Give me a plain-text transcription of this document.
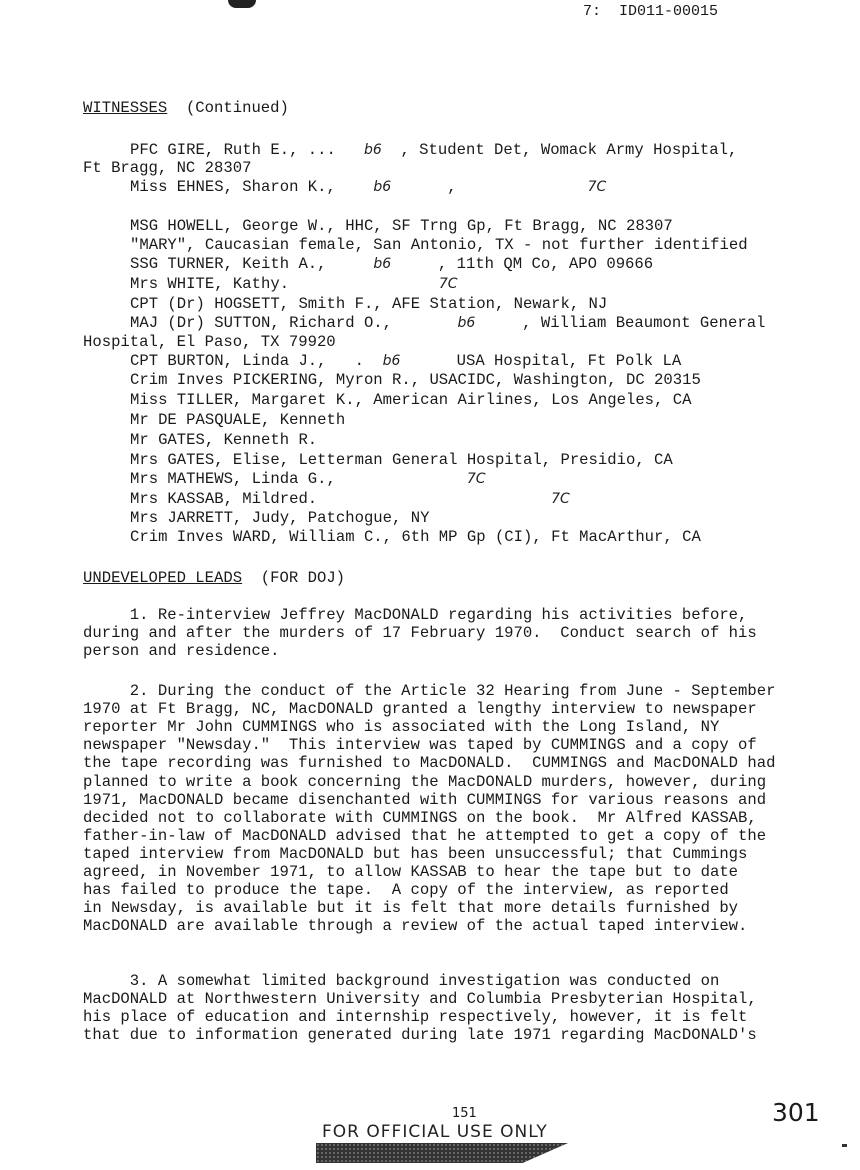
7:  ID011-00015
WITNESSES  (Continued)
PFC GIRE, Ruth E., ...   b6  , Student Det, Womack Army Hospital,
Ft Bragg, NC 28307
Miss EHNES, Sharon K.,    b6      ,              7C
MSG HOWELL, George W., HHC, SF Trng Gp, Ft Bragg, NC 28307
"MARY", Caucasian female, San Antonio, TX - not further identified
SSG TURNER, Keith A.,     b6     , 11th QM Co, APO 09666
Mrs WHITE, Kathy.                7C
CPT (Dr) HOGSETT, Smith F., AFE Station, Newark, NJ
MAJ (Dr) SUTTON, Richard O.,       b6     , William Beaumont General
Hospital, El Paso, TX 79920
CPT BURTON, Linda J.,   .  b6      USA Hospital, Ft Polk LA
Crim Inves PICKERING, Myron R., USACIDC, Washington, DC 20315
Miss TILLER, Margaret K., American Airlines, Los Angeles, CA
Mr DE PASQUALE, Kenneth
Mr GATES, Kenneth R.
Mrs GATES, Elise, Letterman General Hospital, Presidio, CA
Mrs MATHEWS, Linda G.,              7C
Mrs KASSAB, Mildred.                         7C
Mrs JARRETT, Judy, Patchogue, NY
Crim Inves WARD, William C., 6th MP Gp (CI), Ft MacArthur, CA
UNDEVELOPED LEADS  (FOR DOJ)
1. Re-interview Jeffrey MacDONALD regarding his activities before,
during and after the murders of 17 February 1970.  Conduct search of his
person and residence.
2. During the conduct of the Article 32 Hearing from June - September
1970 at Ft Bragg, NC, MacDONALD granted a lengthy interview to newspaper
reporter Mr John CUMMINGS who is associated with the Long Island, NY
newspaper "Newsday."  This interview was taped by CUMMINGS and a copy of
the tape recording was furnished to MacDONALD.  CUMMINGS and MacDONALD had
planned to write a book concerning the MacDONALD murders, however, during
1971, MacDONALD became disenchanted with CUMMINGS for various reasons and
decided not to collaborate with CUMMINGS on the book.  Mr Alfred KASSAB,
father-in-law of MacDONALD advised that he attempted to get a copy of the
taped interview from MacDONALD but has been unsuccessful; that Cummings
agreed, in November 1971, to allow KASSAB to hear the tape but to date
has failed to produce the tape.  A copy of the interview, as reported
in Newsday, is available but it is felt that more details furnished by
MacDONALD are available through a review of the actual taped interview.
3. A somewhat limited background investigation was conducted on
MacDONALD at Northwestern University and Columbia Presbyterian Hospital,
his place of education and internship respectively, however, it is felt
that due to information generated during late 1971 regarding MacDONALD's
151
FOR OFFICIAL USE ONLY
301
